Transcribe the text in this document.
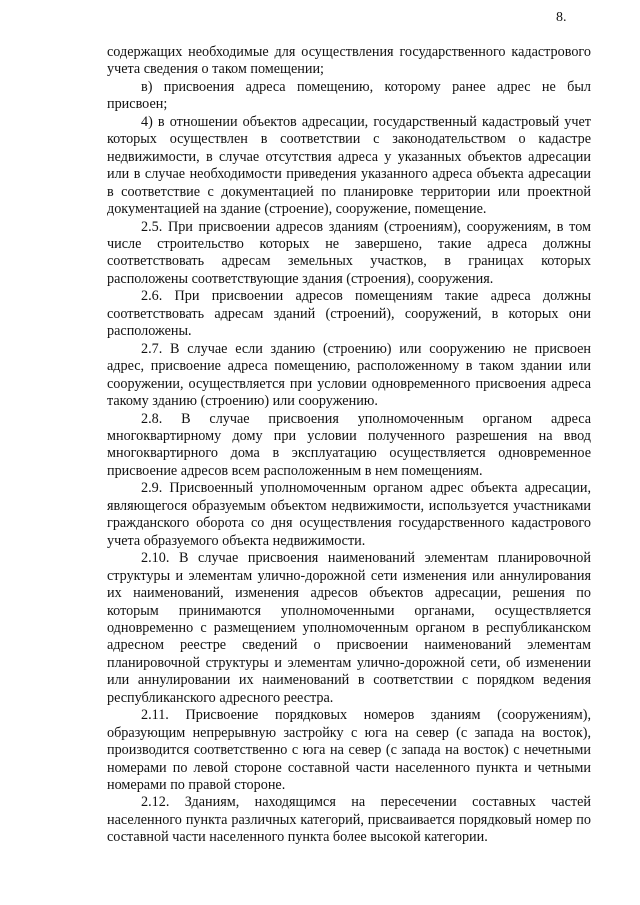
8.

содержащих необходимые для осуществления государственного кадастрового учета сведения о таком помещении;

в) присвоения адреса помещению, которому ранее адрес не был присвоен;

4) в отношении объектов адресации, государственный кадастровый учет которых осуществлен в соответствии с законодательством о кадастре недвижимости, в случае отсутствия адреса у указанных объектов адресации или в случае необходимости приведения указанного адреса объекта адресации в соответствие с документацией по планировке территории или проектной документацией на здание (строение), сооружение, помещение.

2.5. При присвоении адресов зданиям (строениям), сооружениям, в том числе строительство которых не завершено, такие адреса должны соответствовать адресам земельных участков, в границах которых расположены соответствующие здания (строения), сооружения.

2.6. При присвоении адресов помещениям такие адреса должны соответствовать адресам зданий (строений), сооружений, в которых они расположены.

2.7. В случае если зданию (строению) или сооружению не присвоен адрес, присвоение адреса помещению, расположенному в таком здании или сооружении, осуществляется при условии одновременного присвоения адреса такому зданию (строению) или сооружению.

2.8. В случае присвоения уполномоченным органом адреса многоквартирному дому при условии полученного разрешения на ввод многоквартирного дома в эксплуатацию осуществляется одновременное присвоение адресов всем расположенным в нем помещениям.

2.9. Присвоенный уполномоченным органом адрес объекта адресации, являющегося образуемым объектом недвижимости, используется участниками гражданского оборота со дня осуществления государственного кадастрового учета образуемого объекта недвижимости.

2.10. В случае присвоения наименований элементам планировочной структуры и элементам улично-дорожной сети изменения или аннулирования их наименований, изменения адресов объектов адресации, решения по которым принимаются уполномоченными органами, осуществляется одновременно с размещением уполномоченным органом в республиканском адресном реестре сведений о присвоении наименований элементам планировочной структуры и элементам улично-дорожной сети, об изменении или аннулировании их наименований в соответствии с порядком ведения республиканского адресного реестра.

2.11. Присвоение порядковых номеров зданиям (сооружениям), образующим непрерывную застройку с юга на север (с запада на восток), производится соответственно с юга на север (с запада на восток) с нечетными номерами по левой стороне составной части населенного пункта и четными номерами по правой стороне.

2.12. Зданиям, находящимся на пересечении составных частей населенного пункта различных категорий, присваивается порядковый номер по составной части населенного пункта более высокой категории.
